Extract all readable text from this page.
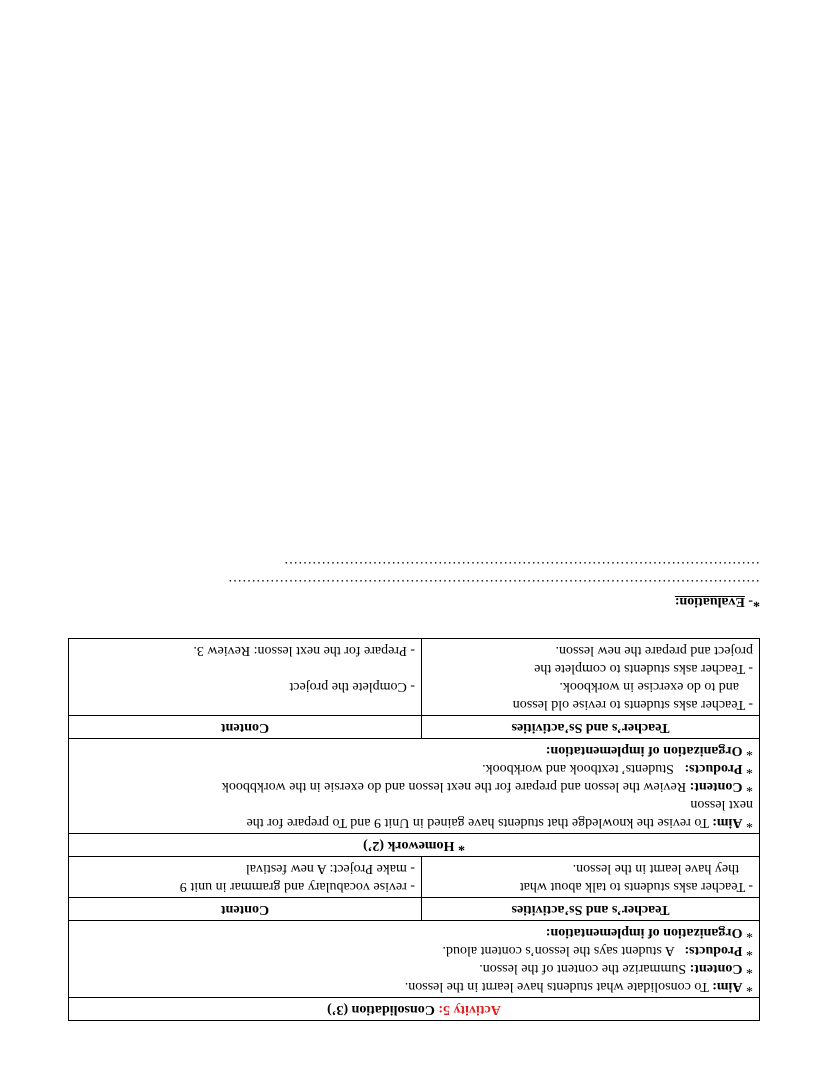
Activity 5: Consolidation (3’)
* Aim: To consolidate what students have learnt in the lesson.
* Content: Summarize the content of the lesson.
* Products:   A student says the lesson’s content aloud.
* Organization of implementation:
Teacher’s and Ss’activities
Content
- Teacher asks students to talk about what
they have learnt in the lesson.
- revise vocabulary and grammar in unit 9
- make Project: A new festival
* Homework (2’)
* Aim: To revise the knowledge that students have gained in Unit 9 and To prepare for the
next lesson
* Content: Review the lesson and prepare for the next lesson and do exersie in the workbbook
* Products:   Students’ textbook and workbook.
* Organization of implementation:
Teacher’s and Ss’activities
Content
- Teacher asks students to revise old lesson
and to do exercise in workbook.
- Teacher asks students to complete the
project and prepare the new lesson.
- Complete the project
- Prepare for the next lesson: Review 3.
*- Evaluation:
……………………………………………………………………………………………………
…………………………………………………………………………………………
